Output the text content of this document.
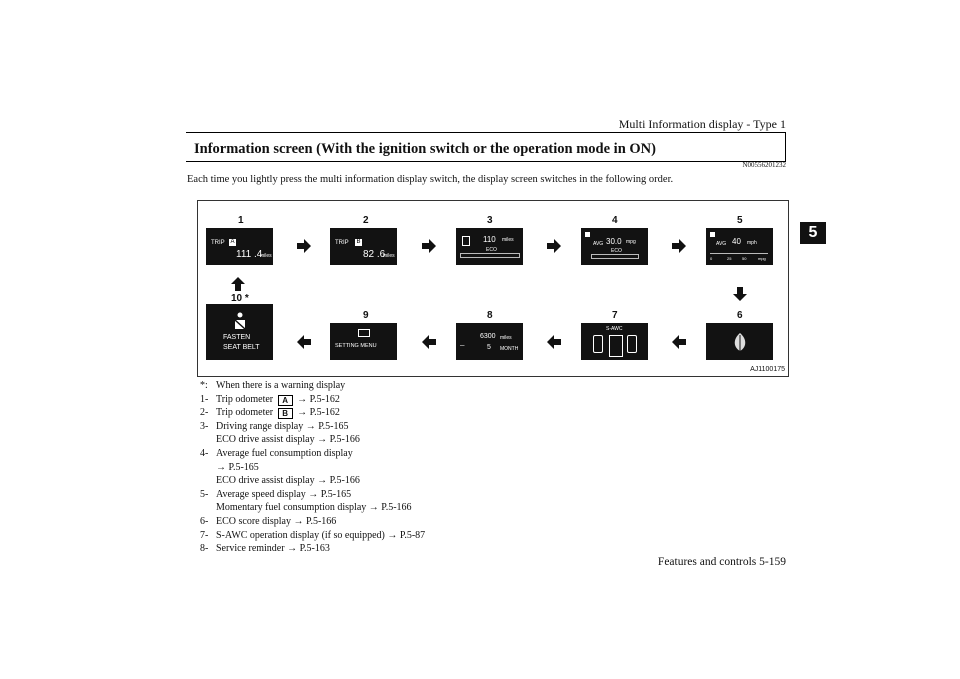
Multi Information display - Type 1
5
Information screen (With the ignition switch or the operation mode in ON)
N00556201232
Each time you lightly press the multi information display switch, the display screen switches in the following order.
1	2	3	4	5
TRIP A
111 .4
miles
TRIP B
82 .6
miles
110 miles
ECO
AVG 30.0 mpg
ECO
AVG 40 mph
0	25	50	mpg
10 *
9	8	7	6
FASTEN
SEAT BELT	SETTING MENU	⎯
6300 miles
5 MONTH
S-AWC
AJ1100175
*: When there is a warning display
1- Trip odometer A → P.5-162
2- Trip odometer B → P.5-162
3- Driving range display → P.5-165
ECO drive assist display → P.5-166
4- Average fuel consumption display
→ P.5-165
ECO drive assist display → P.5-166
5- Average speed display → P.5-165
Momentary fuel consumption display → P.5-166
6- ECO score display → P.5-166
7- S-AWC operation display (if so equipped) → P.5-87
8- Service reminder → P.5-163
Features and controls 5-159
